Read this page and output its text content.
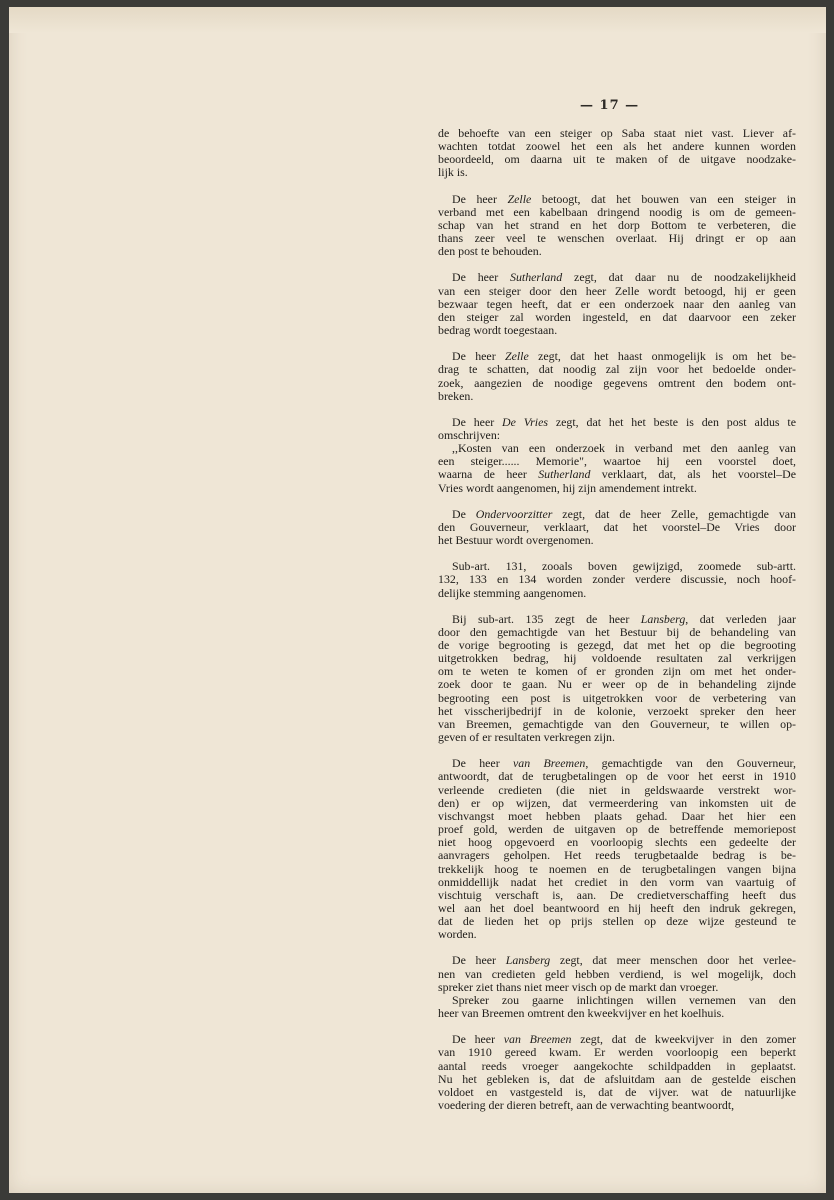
— 17 —
de behoefte van een steiger op Saba staat niet vast. Liever af-
wachten totdat zoowel het een als het andere kunnen worden
beoordeeld, om daarna uit te maken of de uitgave noodzake-
lijk is.
De heer Zelle betoogt, dat het bouwen van een steiger in
verband met een kabelbaan dringend noodig is om de gemeen-
schap van het strand en het dorp Bottom te verbeteren, die
thans zeer veel te wenschen overlaat. Hij dringt er op aan
den post te behouden.
De heer Sutherland zegt, dat daar nu de noodzakelijkheid
van een steiger door den heer Zelle wordt betoogd, hij er geen
bezwaar tegen heeft, dat er een onderzoek naar den aanleg van
den steiger zal worden ingesteld, en dat daarvoor een zeker
bedrag wordt toegestaan.
De heer Zelle zegt, dat het haast onmogelijk is om het be-
drag te schatten, dat noodig zal zijn voor het bedoelde onder-
zoek, aangezien de noodige gegevens omtrent den bodem ont-
breken.
De heer De Vries zegt, dat het het beste is den post aldus te
omschrijven:
,,Kosten van een onderzoek in verband met den aanleg van
een steiger...... Memorie", waartoe hij een voorstel doet,
waarna de heer Sutherland verklaart, dat, als het voorstel–De
Vries wordt aangenomen, hij zijn amendement intrekt.
De Ondervoorzitter zegt, dat de heer Zelle, gemachtigde van
den Gouverneur, verklaart, dat het voorstel–De Vries door
het Bestuur wordt overgenomen.
Sub-art. 131, zooals boven gewijzigd, zoomede sub-artt.
132, 133 en 134 worden zonder verdere discussie, noch hoof-
delijke stemming aangenomen.
Bij sub-art. 135 zegt de heer Lansberg, dat verleden jaar
door den gemachtigde van het Bestuur bij de behandeling van
de vorige begrooting is gezegd, dat met het op die begrooting
uitgetrokken bedrag, hij voldoende resultaten zal verkrijgen
om te weten te komen of er gronden zijn om met het onder-
zoek door te gaan. Nu er weer op de in behandeling zijnde
begrooting een post is uitgetrokken voor de verbetering van
het visscherijbedrijf in de kolonie, verzoekt spreker den heer
van Breemen, gemachtigde van den Gouverneur, te willen op-
geven of er resultaten verkregen zijn.
De heer van Breemen, gemachtigde van den Gouverneur,
antwoordt, dat de terugbetalingen op de voor het eerst in 1910
verleende credieten (die niet in geldswaarde verstrekt wor-
den) er op wijzen, dat vermeerdering van inkomsten uit de
vischvangst moet hebben plaats gehad. Daar het hier een
proef gold, werden de uitgaven op de betreffende memoriepost
niet hoog opgevoerd en voorloopig slechts een gedeelte der
aanvragers geholpen. Het reeds terugbetaalde bedrag is be-
trekkelijk hoog te noemen en de terugbetalingen vangen bijna
onmiddellijk nadat het crediet in den vorm van vaartuig of
vischtuig verschaft is, aan. De credietverschaffing heeft dus
wel aan het doel beantwoord en hij heeft den indruk gekregen,
dat de lieden het op prijs stellen op deze wijze gesteund te
worden.
De heer Lansberg zegt, dat meer menschen door het verlee-
nen van credieten geld hebben verdiend, is wel mogelijk, doch
spreker ziet thans niet meer visch op de markt dan vroeger.
Spreker zou gaarne inlichtingen willen vernemen van den
heer van Breemen omtrent den kweekvijver en het koelhuis.
De heer van Breemen zegt, dat de kweekvijver in den zomer
van 1910 gereed kwam. Er werden voorloopig een beperkt
aantal reeds vroeger aangekochte schildpadden in geplaatst.
Nu het gebleken is, dat de afsluitdam aan de gestelde eischen
voldoet en vastgesteld is, dat de vijver. wat de natuurlijke
voedering der dieren betreft, aan de verwachting beantwoordt,
